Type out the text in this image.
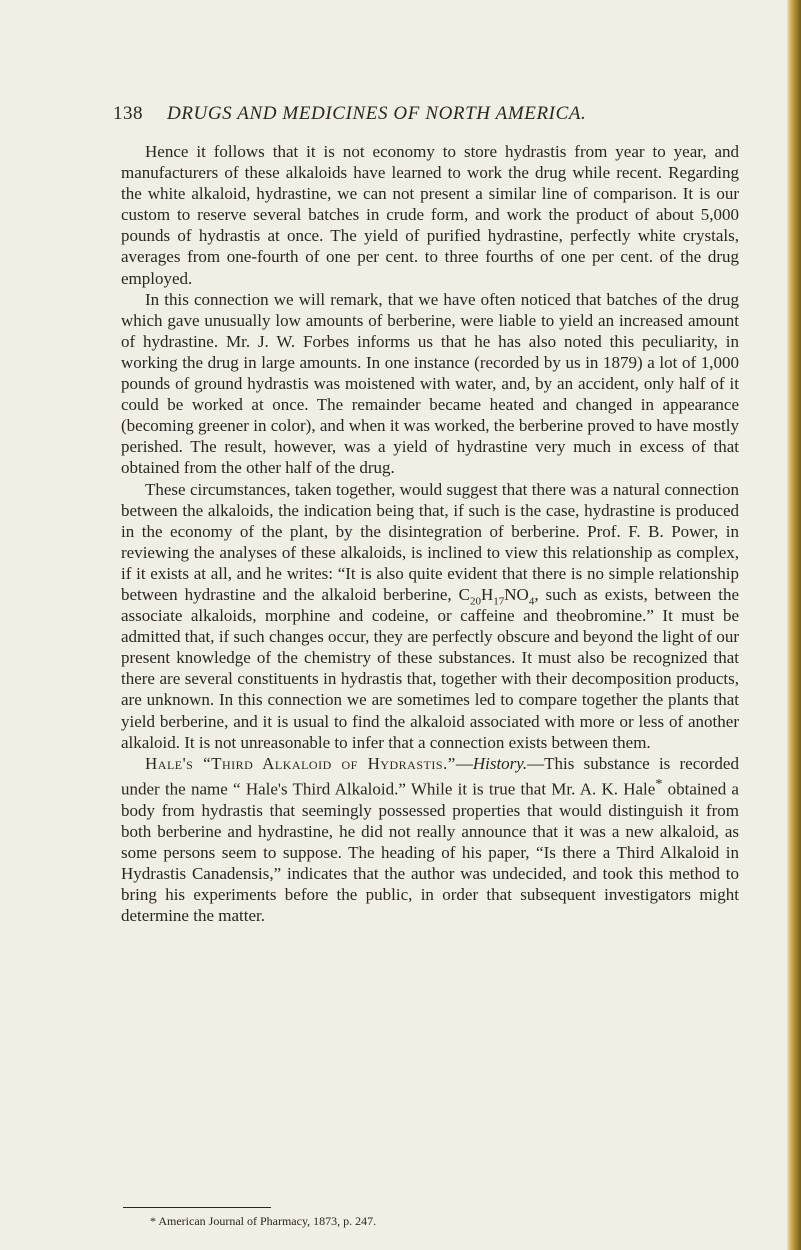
138 DRUGS AND MEDICINES OF NORTH AMERICA.

Hence it follows that it is not economy to store hydrastis from year to year, and manufacturers of these alkaloids have learned to work the drug while recent. Regarding the white alkaloid, hydrastine, we can not present a similar line of comparison. It is our custom to reserve several batches in crude form, and work the product of about 5,000 pounds of hydrastis at once. The yield of purified hydrastine, perfectly white crystals, averages from one-fourth of one per cent. to three fourths of one per cent. of the drug employed.

In this connection we will remark, that we have often noticed that batches of the drug which gave unusually low amounts of berberine, were liable to yield an increased amount of hydrastine. Mr. J. W. Forbes informs us that he has also noted this peculiarity, in working the drug in large amounts. In one instance (recorded by us in 1879) a lot of 1,000 pounds of ground hydrastis was moistened with water, and, by an accident, only half of it could be worked at once. The remainder became heated and changed in appearance (becoming greener in color), and when it was worked, the berberine proved to have mostly perished. The result, however, was a yield of hydrastine very much in excess of that obtained from the other half of the drug.

These circumstances, taken together, would suggest that there was a natural connection between the alkaloids, the indication being that, if such is the case, hydrastine is produced in the economy of the plant, by the disintegration of berberine. Prof. F. B. Power, in reviewing the analyses of these alkaloids, is inclined to view this relationship as complex, if it exists at all, and he writes: “It is also quite evident that there is no simple relationship between hydrastine and the alkaloid berberine, $C_{20}H_{17}NO_4$, such as exists, between the associate alkaloids, morphine and codeine, or caffeine and theobromine.” It must be admitted that, if such changes occur, they are perfectly obscure and beyond the light of our present knowledge of the chemistry of these substances. It must also be recognized that there are several constituents in hydrastis that, together with their decomposition products, are unknown. In this connection we are sometimes led to compare together the plants that yield berberine, and it is usual to find the alkaloid associated with more or less of another alkaloid. It is not unreasonable to infer that a connection exists between them.

Hale's “Third Alkaloid of Hydrastis.”—History.—This substance is recorded under the name “ Hale's Third Alkaloid.” While it is true that Mr. A. K. Hale* obtained a body from hydrastis that seemingly possessed properties that would distinguish it from both berberine and hydrastine, he did not really announce that it was a new alkaloid, as some persons seem to suppose. The heading of his paper, “Is there a Third Alkaloid in Hydrastis Canadensis,” indicates that the author was undecided, and took this method to bring his experiments before the public, in order that subsequent investigators might determine the matter.

* American Journal of Pharmacy, 1873, p. 247.
